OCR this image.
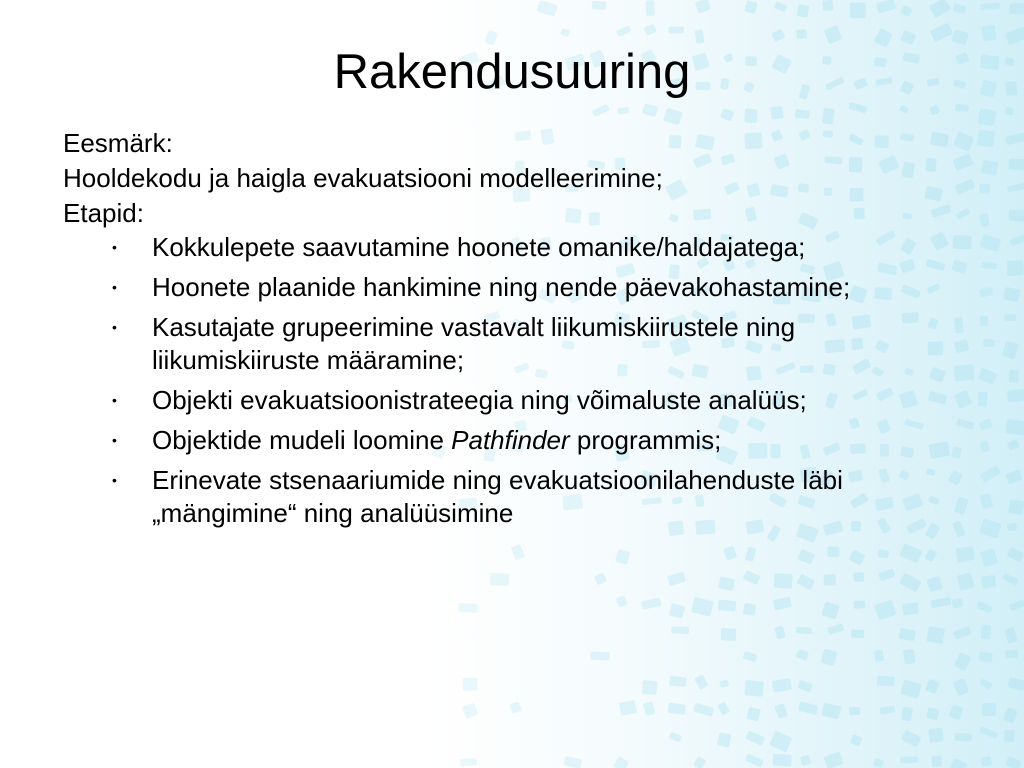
Rakendusuuring
Eesmärk:
Hooldekodu ja haigla evakuatsiooni modelleerimine;
Etapid:
• Kokkulepete saavutamine hoonete omanike/haldajatega;
• Hoonete plaanide hankimine ning nende päevakohastamine;
• Kasutajate grupeerimine vastavalt liikumiskiirustele ning liikumiskiiruste määramine;
• Objekti evakuatsioonistrateegia ning võimaluste analüüs;
• Objektide mudeli loomine Pathfinder programmis;
• Erinevate stsenaariumide ning evakuatsioonilahenduste läbi „mängimine“ ning analüüsimine
